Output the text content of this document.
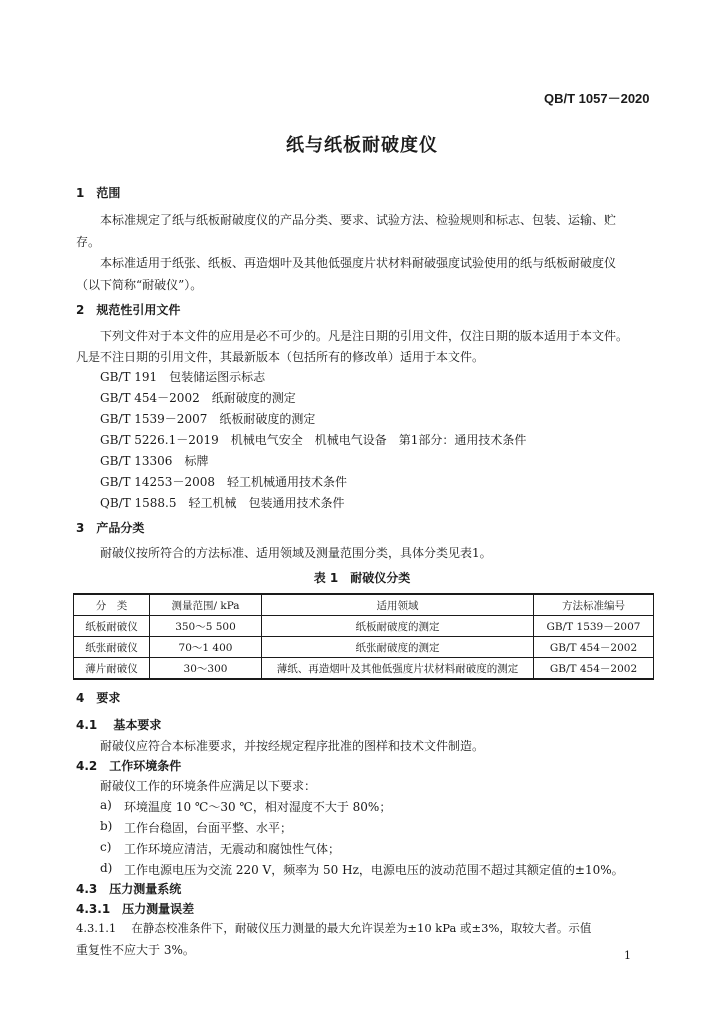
QB/T 1057－2020
纸与纸板耐破度仪
1　范围
本标准规定了纸与纸板耐破度仪的产品分类、要求、试验方法、检验规则和标志、包装、运输、贮
存。
本标准适用于纸张、纸板、再造烟叶及其他低强度片状材料耐破强度试验使用的纸与纸板耐破度仪
（以下简称“耐破仪”）。
2　规范性引用文件
下列文件对于本文件的应用是必不可少的。凡是注日期的引用文件，仅注日期的版本适用于本文件。
凡是不注日期的引用文件，其最新版本（包括所有的修改单）适用于本文件。
GB/T 191　包装储运图示标志
GB/T 454－2002　纸耐破度的测定
GB/T 1539－2007　纸板耐破度的测定
GB/T 5226.1－2019　机械电气安全　机械电气设备　第1部分：通用技术条件
GB/T 13306　标牌
GB/T 14253－2008　轻工机械通用技术条件
QB/T 1588.5　轻工机械　包装通用技术条件
3　产品分类
耐破仪按所符合的方法标准、适用领域及测量范围分类，具体分类见表1。
表 1　耐破仪分类
分　类	测量范围/ kPa	适用领域	方法标准编号
纸板耐破仪	350～5 500	纸板耐破度的测定	GB/T 1539－2007
纸张耐破仪	70～1 400	纸张耐破度的测定	GB/T 454－2002
薄片耐破仪	30～300	薄纸、再造烟叶及其他低强度片状材料耐破度的测定	GB/T 454－2002
4　要求
4.1　 基本要求
耐破仪应符合本标准要求，并按经规定程序批准的图样和技术文件制造。
4.2　工作环境条件
耐破仪工作的环境条件应满足以下要求：
a) 环境温度 10 ℃～30 ℃，相对湿度不大于 80%；
b) 工作台稳固，台面平整、水平；
c) 工作环境应清洁，无震动和腐蚀性气体；
d) 工作电源电压为交流 220 V，频率为 50 Hz，电源电压的波动范围不超过其额定值的±10%。
4.3　压力测量系统
4.3.1　压力测量误差
4.3.1.1　 在静态校准条件下，耐破仪压力测量的最大允许误差为±10 kPa 或±3%，取较大者。示值
重复性不应大于 3%。	1
